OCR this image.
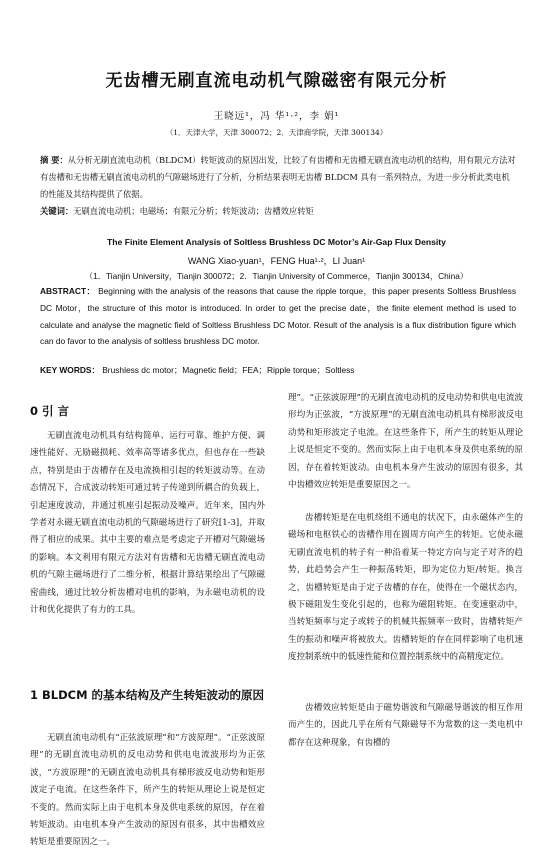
无齿槽无刷直流电动机气隙磁密有限元分析
王晓远¹，冯 华¹·²，李 娟¹
（1．天津大学，天津 300072；2．天津商学院，天津 300134）
摘 要：从分析无刷直流电动机（BLDCM）转矩波动的原因出发，比较了有齿槽和无齿槽无刷直流电动机的结构，用有限元方法对有齿槽和无齿槽无刷直流电动机的气隙磁场进行了分析，分析结果表明无齿槽 BLDCM 具有一系列特点，为进一步分析此类电机的性能及其结构提供了依据。
关键词：无刷直流电动机；电磁场；有限元分析；转矩波动；齿槽效应转矩
The Finite Element Analysis of Soltless Brushless DC Motor’s Air-Gap Flux Density
WANG Xiao-yuan¹，FENG Hua¹·²，LI Juan¹
（1．Tianjin University，Tianjin 300072；2．Tianjin University of Commerce，Tianjin 300134，China）
ABSTRACT： Beginning with the analysis of the reasons that cause the ripple torque，this paper presents Soltless Brushless DC Motor，the structure of this motor is introduced. In order to get the precise date，the finite element method is used to calculate and analyse the magnetic field of Soltless Brushless DC Motor. Result of the analysis is a flux distribution figure which can do favor to the analysis of soltless brushless DC motor.
KEY WORDS： Brushless dc motor；Magnetic field；FEA；Ripple torque；Soltless
0 引 言
无刷直流电动机具有结构简单、运行可靠、维护方便、调速性能好、无励磁损耗、效率高等诸多优点，但也存在一些缺点，特别是由于齿槽存在及电流换相引起的转矩波动等。在动态情况下，合成波动转矩可通过转子传递到所耦合的负载上，引起速度波动，并通过机座引起振动及噪声。近年来，国内外学者对永磁无刷直流电动机的气隙磁场进行了研究[1-3]，并取得了相应的成果。其中主要的难点是考虑定子开槽对气隙磁场的影响。本文利用有限元方法对有齿槽和无齿槽无刷直流电动机的气隙主磁场进行了二维分析，根据计算结果绘出了气隙磁密曲线，通过比较分析齿槽对电机的影响，为永磁电动机的设计和优化提供了有力的工具。
1 BLDCM 的基本结构及产生转矩波动的原因
无刷直流电动机有“正弦波原理”和“方波原理”。“正弦波原理”的无刷直流电动机的反电动势和供电电流波形均为正弦波，“方波原理”的无刷直流电动机具有梯形波反电动势和矩形波定子电流。在这些条件下，所产生的转矩从理论上说是恒定不变的。然而实际上由于电机本身及供电系统的原因，存在着转矩波动。由电机本身产生波动的原因有很多，其中齿槽效应转矩是重要原因之一。
理”。“正弦波原理”的无刷直流电动机的反电动势和供电电流波形均为正弦波，“方波原理”的无刷直流电动机具有梯形波反电动势和矩形波定子电流。在这些条件下，所产生的转矩从理论上说是恒定不变的。然而实际上由于电机本身及供电系统的原因，存在着转矩波动。由电机本身产生波动的原因有很多，其中齿槽效应转矩是重要原因之一。
齿槽转矩是在电机绕组不通电的状况下，由永磁体产生的磁场和电枢铁心的齿槽作用在圆周方向产生的转矩。它使永磁无刷直流电机的转子有一种沿着某一特定方向与定子对齐的趋势，此趋势会产生一种振荡转矩，即为定位力矩/转矩。换言之，齿槽转矩是由于定子齿槽的存在，使得在一个磁状态内，极下磁阻发生变化引起的，也称为磁阻转矩。在变速驱动中，当转矩频率与定子或转子的机械共振频率一致时，齿槽转矩产生的振动和噪声将被放大。齿槽转矩的存在同样影响了电机速度控制系统中的低速性能和位置控制系统中的高精度定位。
齿槽效应转矩是由于磁势谐波和气隙磁导谐波的相互作用而产生的，因此几乎在所有气隙磁导不为常数的这一类电机中都存在这种现象，有齿槽的
